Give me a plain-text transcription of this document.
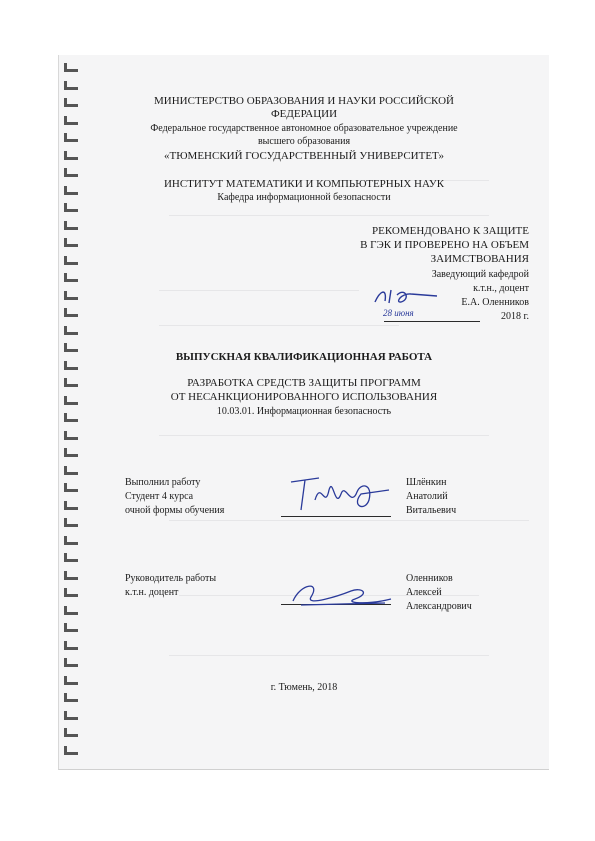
МИНИСТЕРСТВО ОБРАЗОВАНИЯ И НАУКИ РОССИЙСКОЙ
ФЕДЕРАЦИИ
Федеральное государственное автономное образовательное учреждение
высшего образования
«ТЮМЕНСКИЙ ГОСУДАРСТВЕННЫЙ УНИВЕРСИТЕТ»
ИНСТИТУТ МАТЕМАТИКИ И КОМПЬЮТЕРНЫХ НАУК
Кафедра информационной безопасности
РЕКОМЕНДОВАНО К ЗАЩИТЕ
В ГЭК И ПРОВЕРЕНО НА ОБЪЕМ
ЗАИМСТВОВАНИЯ
Заведующий кафедрой
к.т.н., доцент
Е.А. Оленников
2018 г.
28 июня
ВЫПУСКНАЯ КВАЛИФИКАЦИОННАЯ РАБОТА
РАЗРАБОТКА СРЕДСТВ ЗАЩИТЫ ПРОГРАММ
ОТ НЕСАНКЦИОНИРОВАННОГО ИСПОЛЬЗОВАНИЯ
10.03.01. Информационная безопасность
Выполнил работу
Студент 4 курса
очной формы обучения
Шлёнкин
Анатолий
Витальевич
Руководитель работы
к.т.н. доцент
Оленников
Алексей
Александрович
г. Тюмень, 2018
